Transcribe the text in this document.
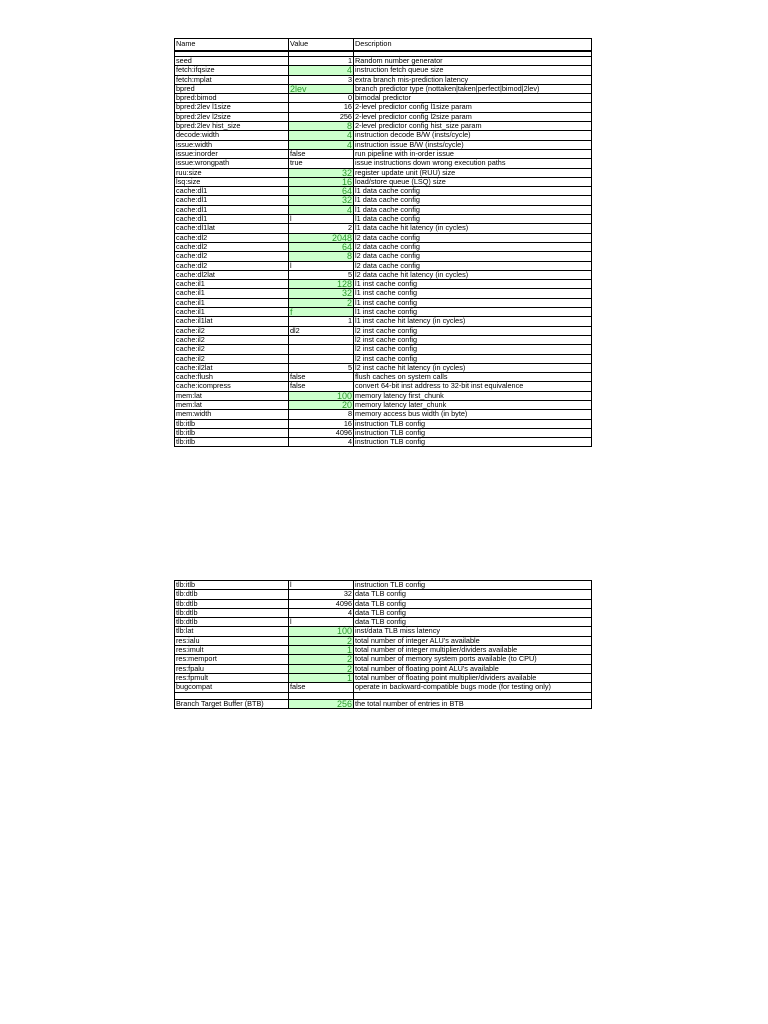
Name	Value	Description

seed	1	Random number generator
fetch:ifqsize	4	instruction fetch queue size
fetch:mplat	3	extra branch mis-prediction latency
bpred	2lev	branch predictor type (nottaken|taken|perfect|bimod|2lev)
bpred:bimod	0	bimodal predictor
bpred:2lev l1size	16	2-level predictor config l1size param
bpred:2lev l2size	256	2-level predictor config l2size param
bpred:2lev hist_size	8	2-level predictor config hist_size param
decode:width	4	instruction decode B/W (insts/cycle)
issue:width	4	instruction issue B/W (insts/cycle)
issue:inorder	false	run pipeline with in-order issue
issue:wrongpath	true	issue instructions down wrong execution paths
ruu:size	32	register update unit (RUU) size
lsq:size	16	load/store queue (LSQ) size
cache:dl1	64	l1 data cache config
cache:dl1	32	l1 data cache config
cache:dl1	4	l1 data cache config
cache:dl1	l	l1 data cache config
cache:dl1lat	2	l1 data cache hit latency (in cycles)
cache:dl2	2048	l2 data cache config
cache:dl2	64	l2 data cache config
cache:dl2	8	l2 data cache config
cache:dl2	l	l2 data cache config
cache:dl2lat	5	l2 data cache hit latency (in cycles)
cache:il1	128	l1 inst cache config
cache:il1	32	l1 inst cache config
cache:il1	2	l1 inst cache config
cache:il1	f	l1 inst cache config
cache:il1lat	1	l1 inst cache hit latency (in cycles)
cache:il2	dl2	l2 inst cache config
cache:il2		l2 inst cache config
cache:il2		l2 inst cache config
cache:il2		l2 inst cache config
cache:il2lat	5	l2 inst cache hit latency (in cycles)
cache:flush	false	flush caches on system calls
cache:icompress	false	convert 64-bit inst address to 32-bit inst equivalence
mem:lat	100	memory latency first_chunk
mem:lat	20	memory latency later_chunk
mem:width	8	memory access bus width (in byte)
tlb:itlb	16	instruction TLB config
tlb:itlb	4096	instruction TLB config
tlb:itlb	4	instruction TLB config
tlb:itlb	l	instruction TLB config
tlb:dtlb	32	data TLB config
tlb:dtlb	4096	data TLB config
tlb:dtlb	4	data TLB config
tlb:dtlb	l	data TLB config
tlb:lat	100	inst/data TLB miss latency
res:ialu	2	total number of integer ALU's available
res:imult	1	total number of integer multiplier/dividers available
res:memport	2	total number of memory system ports available (to CPU)
res:fpalu	2	total number of floating point ALU's available
res:fpmult	1	total number of floating point multiplier/dividers available
bugcompat	false	operate in backward-compatible bugs mode (for testing only)

Branch Target Buffer (BTB)	256	the total number of entries in BTB
